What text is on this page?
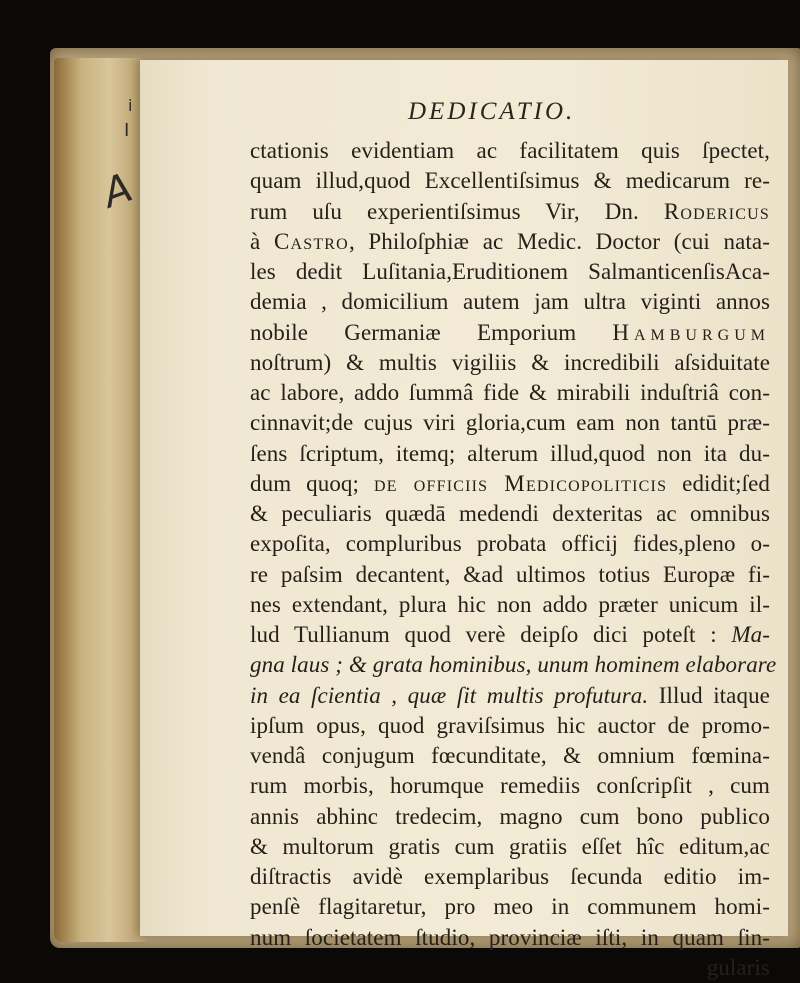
i
I
A
DEDICATIO.
ctationis evidentiam ac facilitatem quis ſpectet,
quam illud,quod Excellentiſsimus & medicarum re-
rum uſu experientiſsimus Vir, Dn. Rodericus
à Castro, Philoſphiæ ac Medic. Doctor (cui nata-
les dedit Luſitania,Eruditionem SalmanticenſisAca-
demia , domicilium autem jam ultra viginti annos
nobile Germaniæ Emporium Hamburgum
noſtrum) & multis vigiliis & incredibili aſsiduitate
ac labore, addo ſummâ fide & mirabili induſtriâ con-
cinnavit;de cujus viri gloria,cum eam non tantū præ-
ſens ſcriptum, itemq; alterum illud,quod non ita du-
dum quoq; de officiis Medicopoliticis edidit;ſed
& peculiaris quædā medendi dexteritas ac omnibus
expoſita, compluribus probata officij fides,pleno o-
re paſsim decantent, &ad ultimos totius Europæ fi-
nes extendant, plura hic non addo præter unicum il-
lud Tullianum quod verè deipſo dici poteſt : Ma-
gna laus ; & grata hominibus, unum hominem elaborare
in ea ſcientia , quæ ſit multis profutura. Illud itaque
ipſum opus, quod graviſsimus hic auctor de promo-
vendâ conjugum fœcunditate, & omnium fœmina-
rum morbis, horumque remediis conſcripſit , cum
annis abhinc tredecim, magno cum bono publico
& multorum gratis cum gratiis eſſet hîc editum,ac
diſtractis avidè exemplaribus ſecunda editio im-
penſè flagitaretur, pro meo in communem homi-
num ſocietatem ſtudio, provinciæ iſti, in quam ſin-
gularis
